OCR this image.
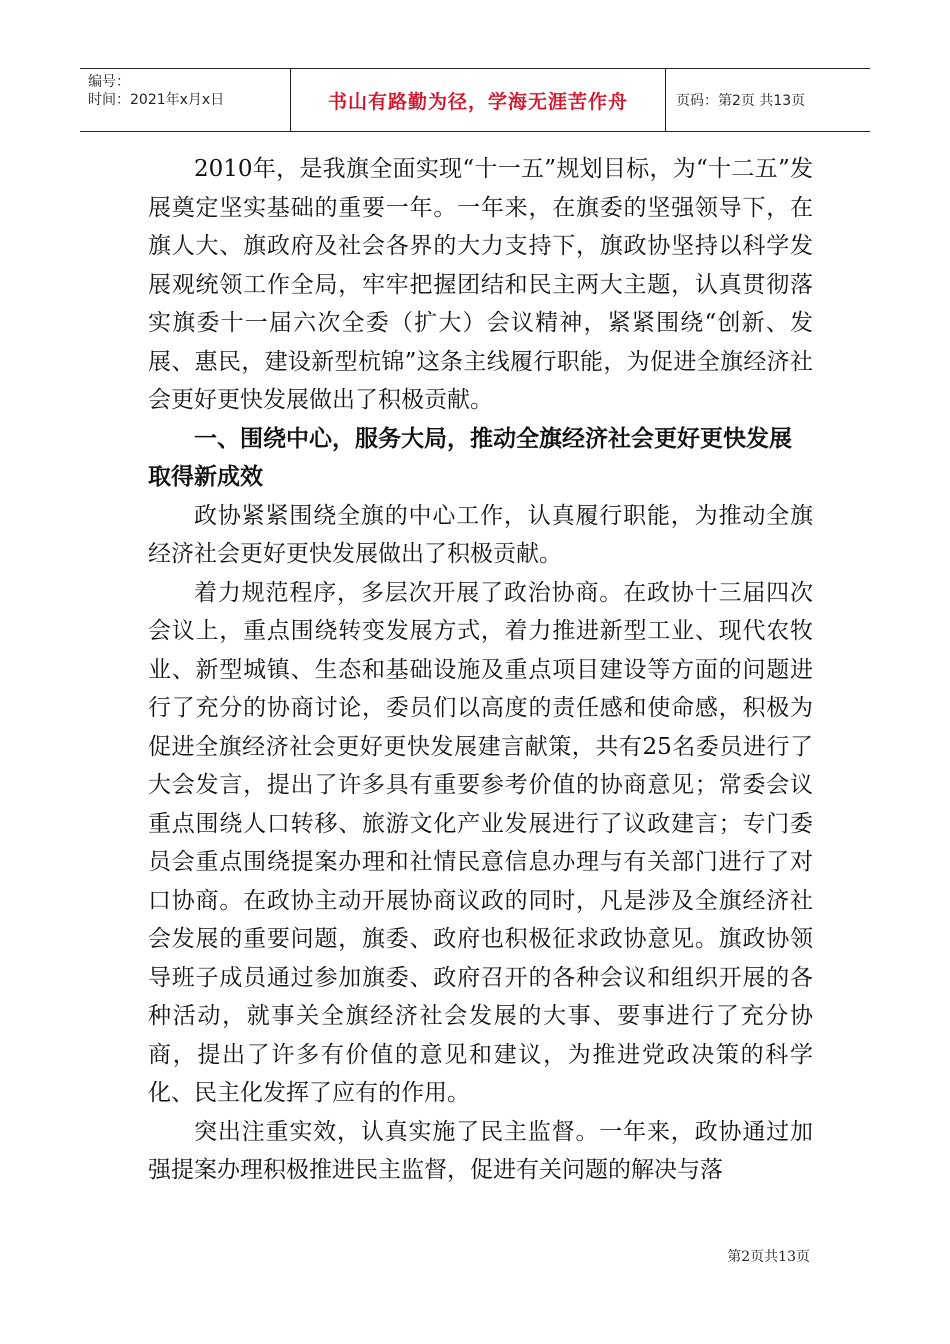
编号：
时间：2021年x月x日	书山有路勤为径，学海无涯苦作舟	页码：第2页 共13页

2010年，是我旗全面实现“十一五”规划目标，为“十二五”发展奠定坚实基础的重要一年。一年来，在旗委的坚强领导下，在旗人大、旗政府及社会各界的大力支持下，旗政协坚持以科学发展观统领工作全局，牢牢把握团结和民主两大主题，认真贯彻落实旗委十一届六次全委（扩大）会议精神，紧紧围绕“创新、发展、惠民，建设新型杭锦”这条主线履行职能，为促进全旗经济社会更好更快发展做出了积极贡献。

一、围绕中心，服务大局，推动全旗经济社会更好更快发展取得新成效

政协紧紧围绕全旗的中心工作，认真履行职能，为推动全旗经济社会更好更快发展做出了积极贡献。

着力规范程序，多层次开展了政治协商。在政协十三届四次会议上，重点围绕转变发展方式，着力推进新型工业、现代农牧业、新型城镇、生态和基础设施及重点项目建设等方面的问题进行了充分的协商讨论，委员们以高度的责任感和使命感，积极为促进全旗经济社会更好更快发展建言献策，共有25名委员进行了大会发言，提出了许多具有重要参考价值的协商意见；常委会议重点围绕人口转移、旅游文化产业发展进行了议政建言；专门委员会重点围绕提案办理和社情民意信息办理与有关部门进行了对口协商。在政协主动开展协商议政的同时，凡是涉及全旗经济社会发展的重要问题，旗委、政府也积极征求政协意见。旗政协领导班子成员通过参加旗委、政府召开的各种会议和组织开展的各种活动，就事关全旗经济社会发展的大事、要事进行了充分协商，提出了许多有价值的意见和建议，为推进党政决策的科学化、民主化发挥了应有的作用。

突出注重实效，认真实施了民主监督。一年来，政协通过加强提案办理积极推进民主监督，促进有关问题的解决与落

第2页共13页
